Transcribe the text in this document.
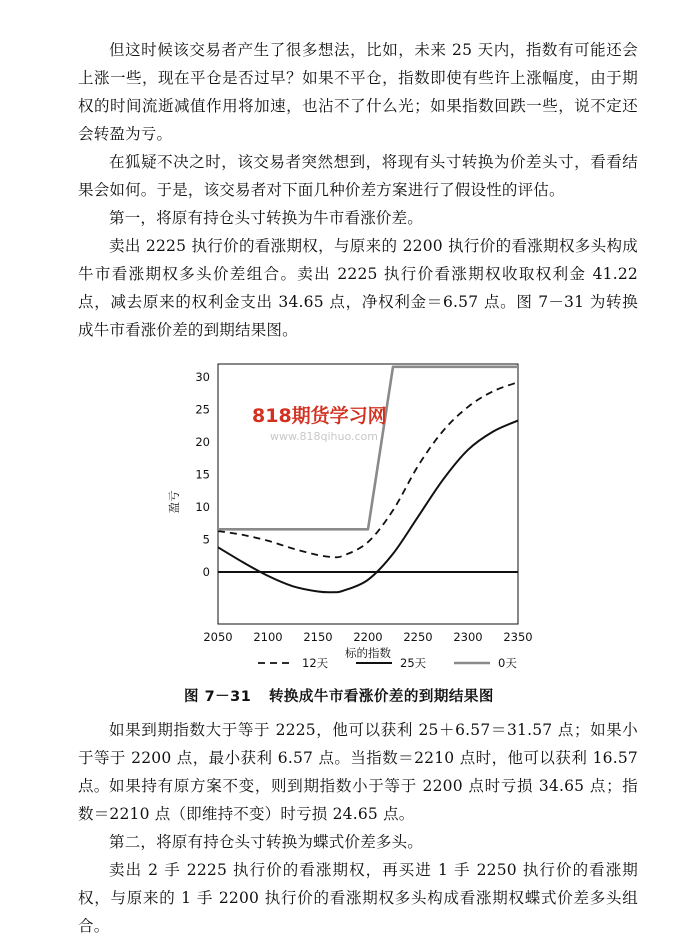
但这时候该交易者产生了很多想法，比如，未来 25 天内，指数有可能还会上涨一些，现在平仓是否过早？如果不平仓，指数即使有些许上涨幅度，由于期权的时间流逝减值作用将加速，也沾不了什么光；如果指数回跌一些，说不定还会转盈为亏。

在狐疑不决之时，该交易者突然想到，将现有头寸转换为价差头寸，看看结果会如何。于是，该交易者对下面几种价差方案进行了假设性的评估。

第一，将原有持仓头寸转换为牛市看涨价差。

卖出 2225 执行价的看涨期权，与原来的 2200 执行价的看涨期权多头构成牛市看涨期权多头价差组合。卖出 2225 执行价看涨期权收取权利金 41.22 点，减去原来的权利金支出 34.65 点，净权利金＝6.57 点。图 7－31 为转换成牛市看涨价差的到期结果图。

2050 2100 2150 2200 2250 2300 2350
0
5
10
15
20
25
30
818期货学习网
www.818qihuo.com
标的指数
盈亏
12天	25天	0天
图 7－31 转换成牛市看涨价差的到期结果图

如果到期指数大于等于 2225，他可以获利 25＋6.57＝31.57 点；如果小于等于 2200 点，最小获利 6.57 点。当指数＝2210 点时，他可以获利 16.57 点。 如果持有原方案不变，则到期指数小于等于 2200 点时亏损 34.65 点；指数＝2210 点（即维持不变）时亏损 24.65 点。

第二，将原有持仓头寸转换为蝶式价差多头。

卖出 2 手 2225 执行价的看涨期权，再买进 1 手 2250 执行价的看涨期权，与原来的 1 手 2200 执行价的看涨期权多头构成看涨期权蝶式价差多头组合。
